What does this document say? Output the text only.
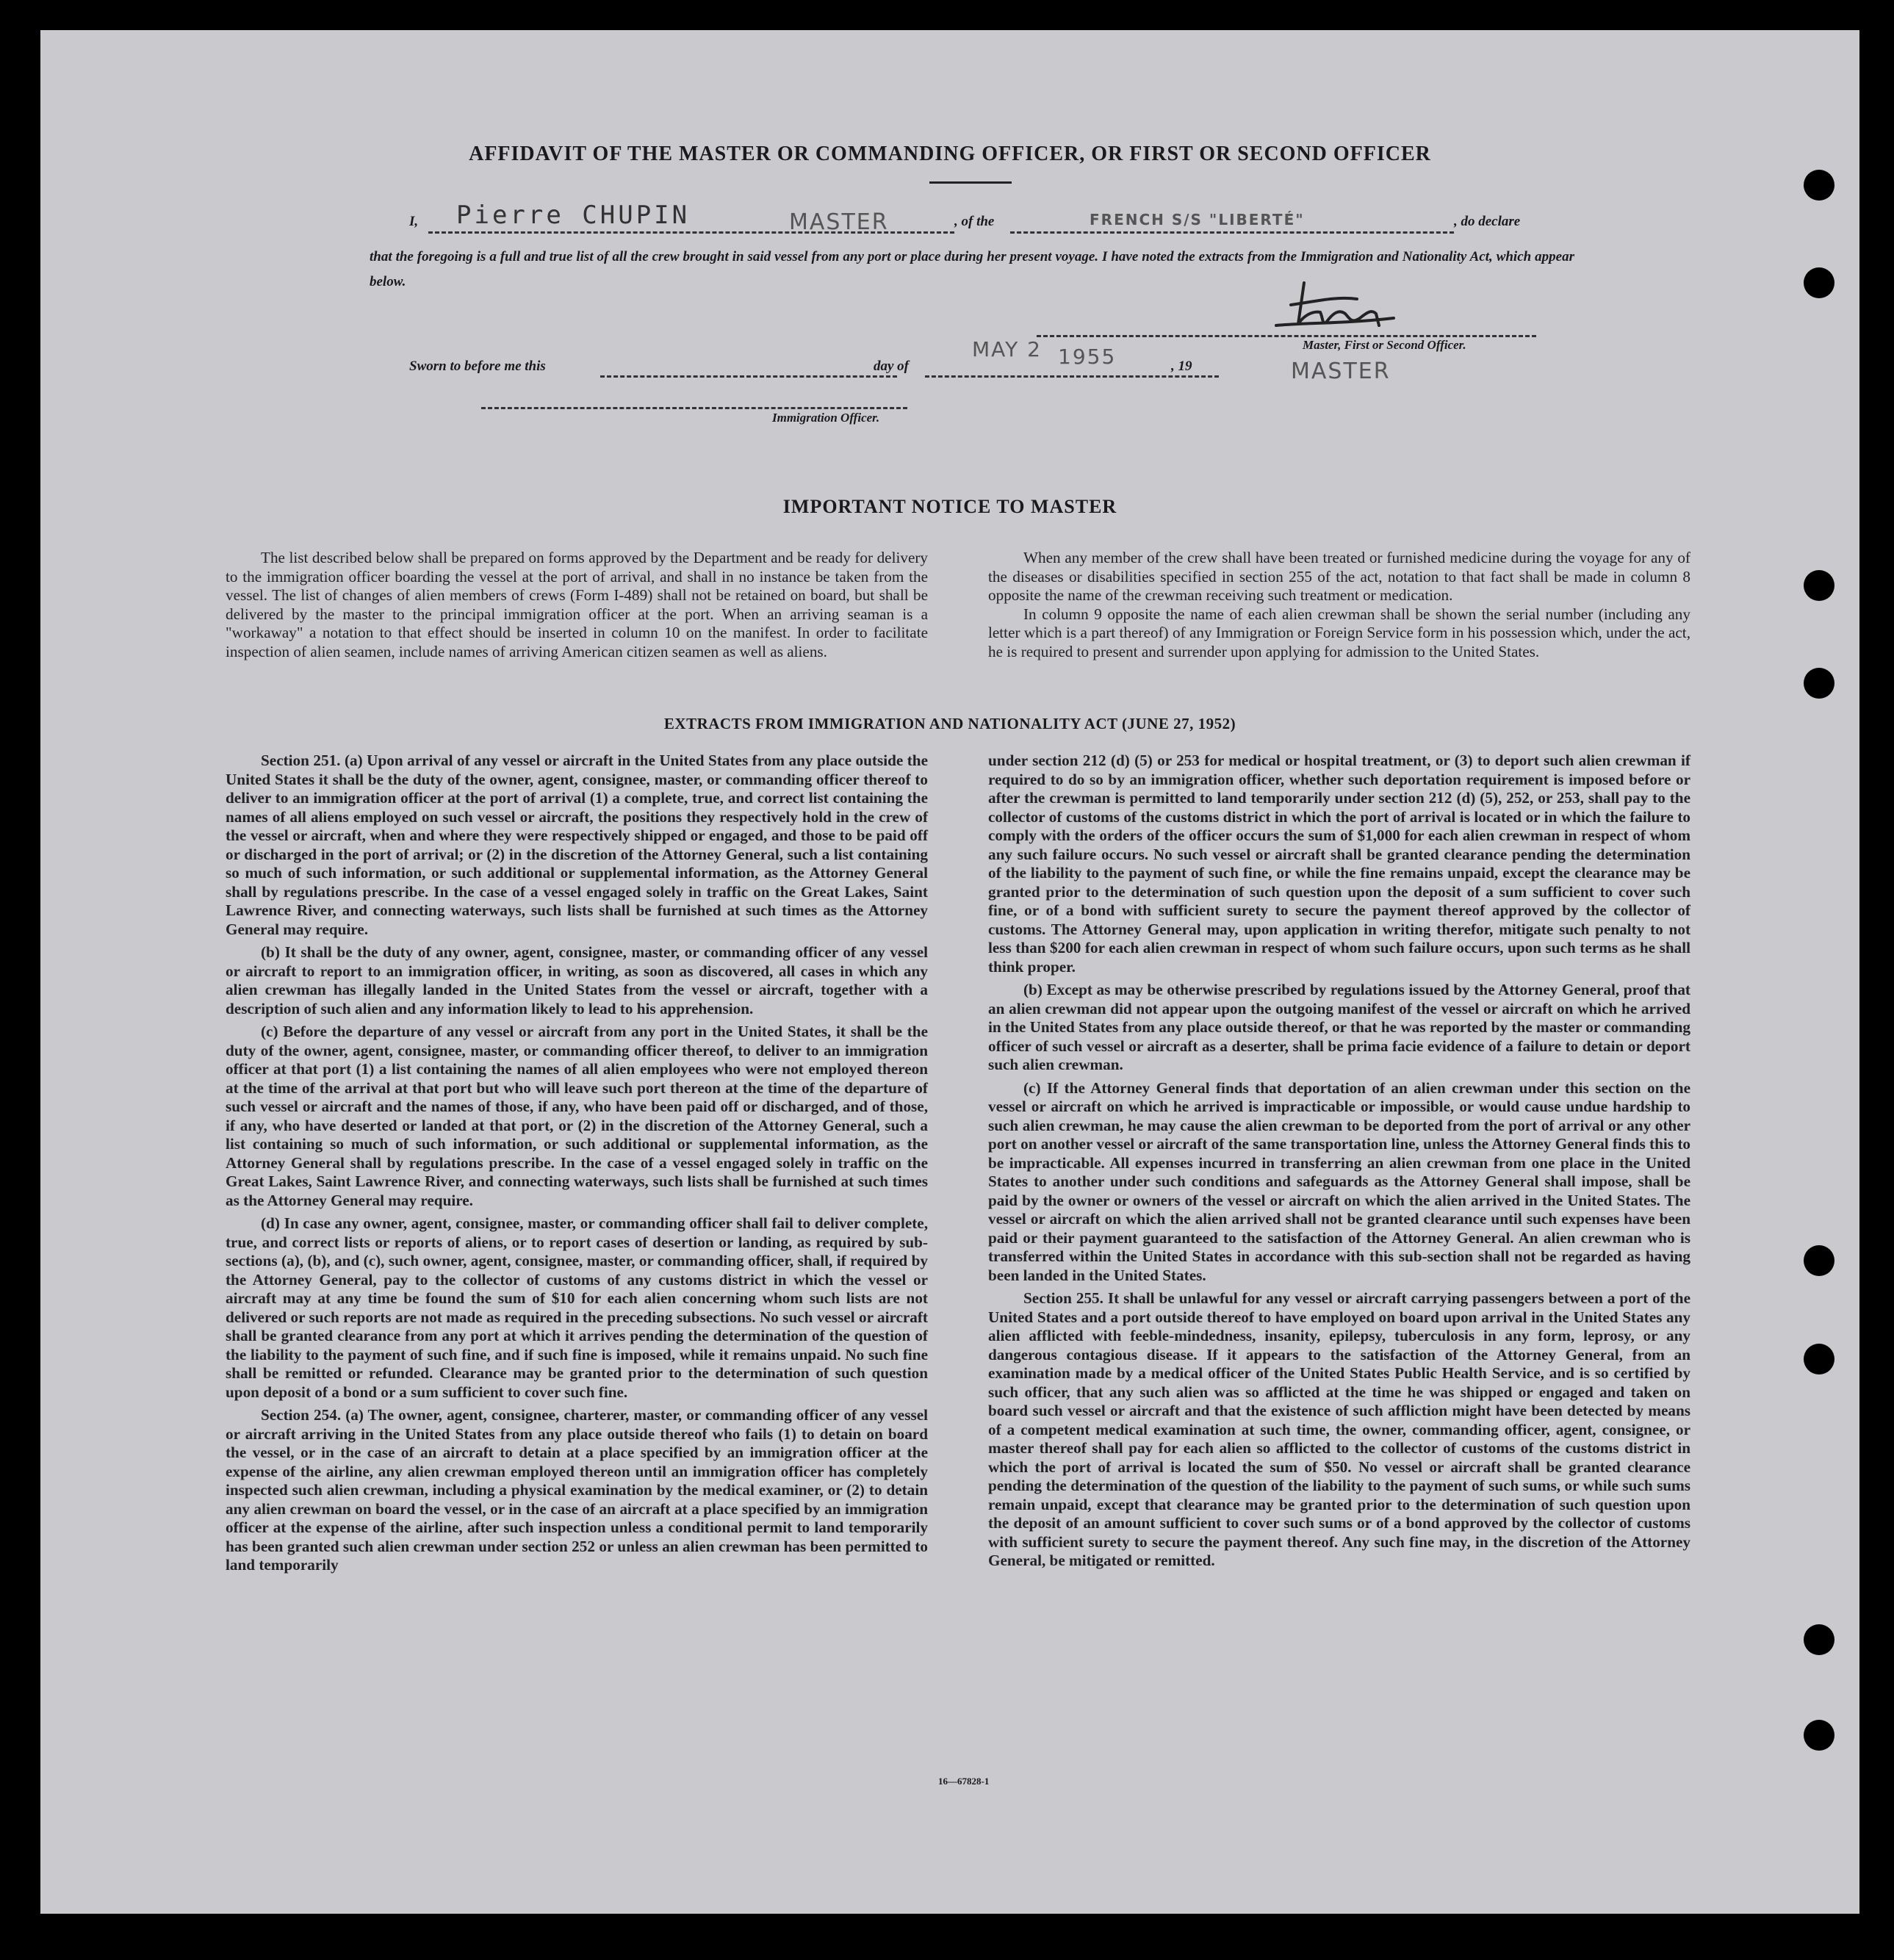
AFFIDAVIT OF THE MASTER OR COMMANDING OFFICER, OR FIRST OR SECOND OFFICER
I, Pierre CHUPIN	MASTER	, of the	FRENCH S/S "LIBERTÉ"	, do declare
that the foregoing is a full and true list of all the crew brought in said vessel from any port or place during her present voyage. I have noted the extracts from the Immigration and Nationality Act, which appear below.
Master, First or Second Officer.
Sworn to before me this	day of
MAY 2 1955	, 19	MASTER
Immigration Officer.
IMPORTANT NOTICE TO MASTER

The list described below shall be prepared on forms approved by the Department and be ready for delivery to the immigration officer boarding the vessel at the port of arrival, and shall in no instance be taken from the vessel. The list of changes of alien members of crews (Form I-489) shall not be retained on board, but shall be delivered by the master to the principal immigration officer at the port. When an arriving seaman is a "workaway" a notation to that effect should be inserted in column 10 on the manifest. In order to facilitate inspection of alien seamen, include names of arriving American citizen seamen as well as aliens.

When any member of the crew shall have been treated or furnished medicine during the voyage for any of the diseases or disabilities specified in section 255 of the act, notation to that fact shall be made in column 8 opposite the name of the crewman receiving such treatment or medication.

In column 9 opposite the name of each alien crewman shall be shown the serial number (including any letter which is a part thereof) of any Immigration or Foreign Service form in his possession which, under the act, he is required to present and surrender upon applying for admission to the United States.

EXTRACTS FROM IMMIGRATION AND NATIONALITY ACT (JUNE 27, 1952)

Section 251. (a) Upon arrival of any vessel or aircraft in the United States from any place outside the United States it shall be the duty of the owner, agent, consignee, master, or commanding officer thereof to deliver to an immigration officer at the port of arrival (1) a complete, true, and correct list containing the names of all aliens employed on such vessel or aircraft, the positions they respectively hold in the crew of the vessel or aircraft, when and where they were respectively shipped or engaged, and those to be paid off or discharged in the port of arrival; or (2) in the discretion of the Attorney General, such a list containing so much of such information, or such additional or supplemental information, as the Attorney General shall by regulations prescribe. In the case of a vessel engaged solely in traffic on the Great Lakes, Saint Lawrence River, and connecting waterways, such lists shall be furnished at such times as the Attorney General may require.

(b) It shall be the duty of any owner, agent, consignee, master, or commanding officer of any vessel or aircraft to report to an immigration officer, in writing, as soon as discovered, all cases in which any alien crewman has illegally landed in the United States from the vessel or aircraft, together with a description of such alien and any information likely to lead to his apprehension.

(c) Before the departure of any vessel or aircraft from any port in the United States, it shall be the duty of the owner, agent, consignee, master, or commanding officer thereof, to deliver to an immigration officer at that port (1) a list containing the names of all alien employees who were not employed thereon at the time of the arrival at that port but who will leave such port thereon at the time of the departure of such vessel or aircraft and the names of those, if any, who have been paid off or discharged, and of those, if any, who have deserted or landed at that port, or (2) in the discretion of the Attorney General, such a list containing so much of such information, or such additional or supplemental information, as the Attorney General shall by regulations prescribe. In the case of a vessel engaged solely in traffic on the Great Lakes, Saint Lawrence River, and connecting waterways, such lists shall be furnished at such times as the Attorney General may require.

(d) In case any owner, agent, consignee, master, or commanding officer shall fail to deliver complete, true, and correct lists or reports of aliens, or to report cases of desertion or landing, as required by sub-sections (a), (b), and (c), such owner, agent, consignee, master, or commanding officer, shall, if required by the Attorney General, pay to the collector of customs of any customs district in which the vessel or aircraft may at any time be found the sum of $10 for each alien concerning whom such lists are not delivered or such reports are not made as required in the preceding subsections. No such vessel or aircraft shall be granted clearance from any port at which it arrives pending the determination of the question of the liability to the payment of such fine, and if such fine is imposed, while it remains unpaid. No such fine shall be remitted or refunded. Clearance may be granted prior to the determination of such question upon deposit of a bond or a sum sufficient to cover such fine.

Section 254. (a) The owner, agent, consignee, charterer, master, or commanding officer of any vessel or aircraft arriving in the United States from any place outside thereof who fails (1) to detain on board the vessel, or in the case of an aircraft to detain at a place specified by an immigration officer at the expense of the airline, any alien crewman employed thereon until an immigration officer has completely inspected such alien crewman, including a physical examination by the medical examiner, or (2) to detain any alien crewman on board the vessel, or in the case of an aircraft at a place specified by an immigration officer at the expense of the airline, after such inspection unless a conditional permit to land temporarily has been granted such alien crewman under section 252 or unless an alien crewman has been permitted to land temporarily

under section 212 (d) (5) or 253 for medical or hospital treatment, or (3) to deport such alien crewman if required to do so by an immigration officer, whether such deportation requirement is imposed before or after the crewman is permitted to land temporarily under section 212 (d) (5), 252, or 253, shall pay to the collector of customs of the customs district in which the port of arrival is located or in which the failure to comply with the orders of the officer occurs the sum of $1,000 for each alien crewman in respect of whom any such failure occurs. No such vessel or aircraft shall be granted clearance pending the determination of the liability to the payment of such fine, or while the fine remains unpaid, except the clearance may be granted prior to the determination of such question upon the deposit of a sum sufficient to cover such fine, or of a bond with sufficient surety to secure the payment thereof approved by the collector of customs. The Attorney General may, upon application in writing therefor, mitigate such penalty to not less than $200 for each alien crewman in respect of whom such failure occurs, upon such terms as he shall think proper.

(b) Except as may be otherwise prescribed by regulations issued by the Attorney General, proof that an alien crewman did not appear upon the outgoing manifest of the vessel or aircraft on which he arrived in the United States from any place outside thereof, or that he was reported by the master or commanding officer of such vessel or aircraft as a deserter, shall be prima facie evidence of a failure to detain or deport such alien crewman.

(c) If the Attorney General finds that deportation of an alien crewman under this section on the vessel or aircraft on which he arrived is impracticable or impossible, or would cause undue hardship to such alien crewman, he may cause the alien crewman to be deported from the port of arrival or any other port on another vessel or aircraft of the same transportation line, unless the Attorney General finds this to be impracticable. All expenses incurred in transferring an alien crewman from one place in the United States to another under such conditions and safeguards as the Attorney General shall impose, shall be paid by the owner or owners of the vessel or aircraft on which the alien arrived in the United States. The vessel or aircraft on which the alien arrived shall not be granted clearance until such expenses have been paid or their payment guaranteed to the satisfaction of the Attorney General. An alien crewman who is transferred within the United States in accordance with this sub-section shall not be regarded as having been landed in the United States.

Section 255. It shall be unlawful for any vessel or aircraft carrying passengers between a port of the United States and a port outside thereof to have employed on board upon arrival in the United States any alien afflicted with feeble-mindedness, insanity, epilepsy, tuberculosis in any form, leprosy, or any dangerous contagious disease. If it appears to the satisfaction of the Attorney General, from an examination made by a medical officer of the United States Public Health Service, and is so certified by such officer, that any such alien was so afflicted at the time he was shipped or engaged and taken on board such vessel or aircraft and that the existence of such affliction might have been detected by means of a competent medical examination at such time, the owner, commanding officer, agent, consignee, or master thereof shall pay for each alien so afflicted to the collector of customs of the customs district in which the port of arrival is located the sum of $50. No vessel or aircraft shall be granted clearance pending the determination of the question of the liability to the payment of such sums, or while such sums remain unpaid, except that clearance may be granted prior to the determination of such question upon the deposit of an amount sufficient to cover such sums or of a bond approved by the collector of customs with sufficient surety to secure the payment thereof. Any such fine may, in the discretion of the Attorney General, be mitigated or remitted.

16—67828-1
